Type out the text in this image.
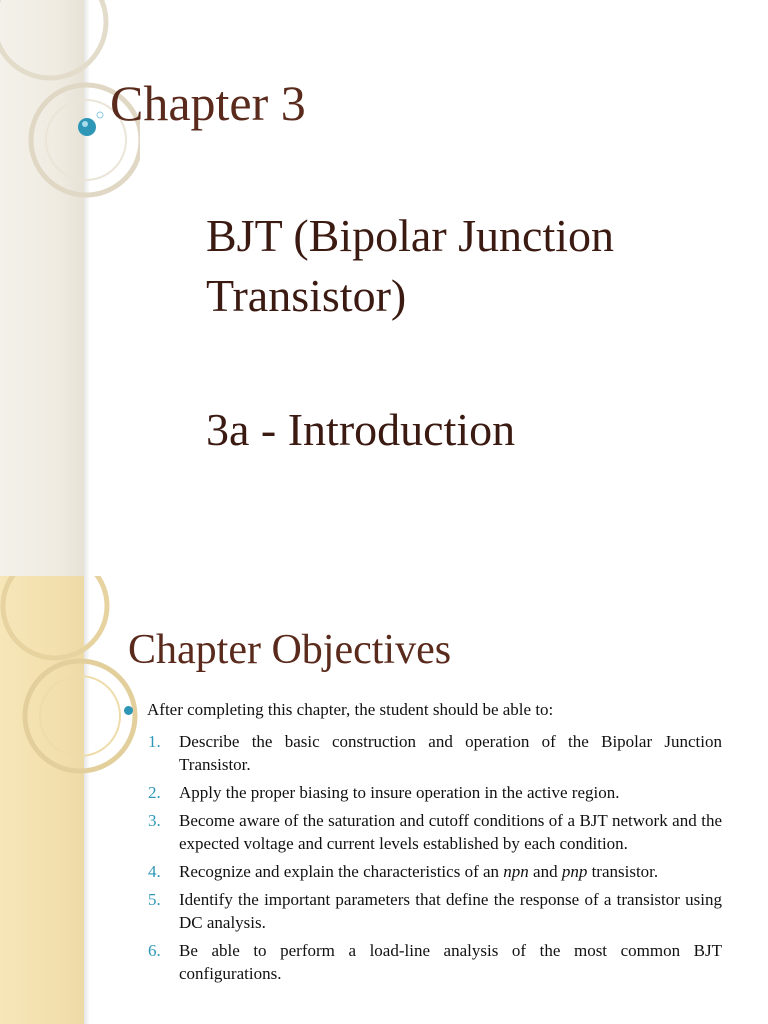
Chapter 3

BJT (Bipolar Junction Transistor)

3a - Introduction

Chapter Objectives
After completing this chapter, the student should be able to:
1.	Describe the basic construction and operation of the Bipolar Junction Transistor.
2.	Apply the proper biasing to insure operation in the active region.
3.	Become aware of the saturation and cutoff conditions of a BJT network and the expected voltage and current levels established by each condition.
4.	Recognize and explain the characteristics of an npn and pnp transistor.
5.	Identify the important parameters that define the response of a transistor using DC analysis.
6.	Be able to perform a load-line analysis of the most common BJT configurations.
